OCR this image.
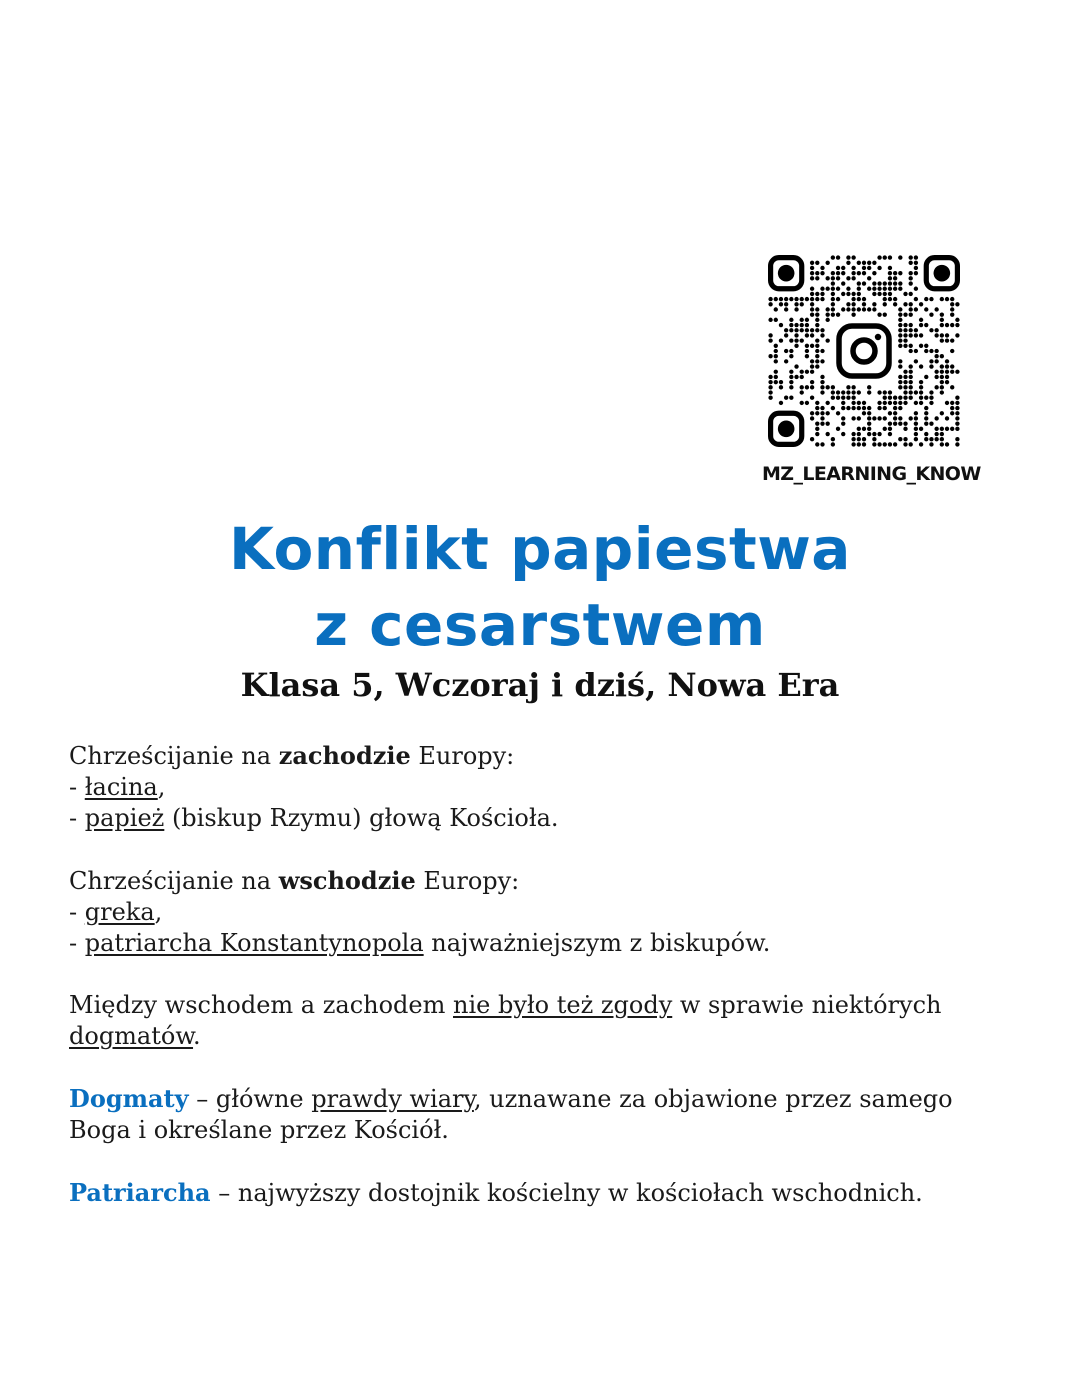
MZ_LEARNING_KNOW
Konflikt papiestwa
z cesarstwem
Klasa 5, Wczoraj i dziś, Nowa Era

Chrześcijanie na zachodzie Europy:

- łacina,

- papież (biskup Rzymu) głową Kościoła.

Chrześcijanie na wschodzie Europy:

- greka,

- patriarcha Konstantynopola najważniejszym z biskupów.

Między wschodem a zachodem nie było też zgody w sprawie niektórych
dogmatów.

Dogmaty – główne prawdy wiary, uznawane za objawione przez samego
Boga i określane przez Kościół.

Patriarcha – najwyższy dostojnik kościelny w kościołach wschodnich.
